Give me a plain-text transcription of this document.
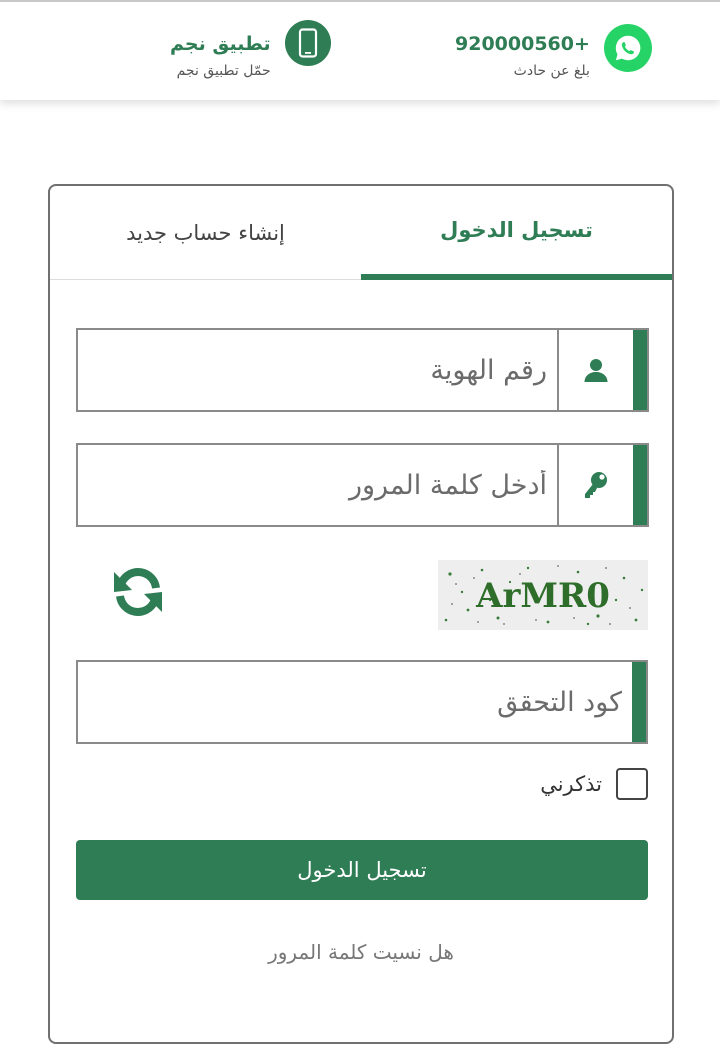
920000560+
بلغ عن حادث
تطبيق نجم
حمّل تطبيق نجم
تسجيل الدخول
إنشاء حساب جديد
رقم الهوية
ArMR0
كود التحقق
تذكرني
تسجيل الدخول
هل نسيت كلمة المرور
